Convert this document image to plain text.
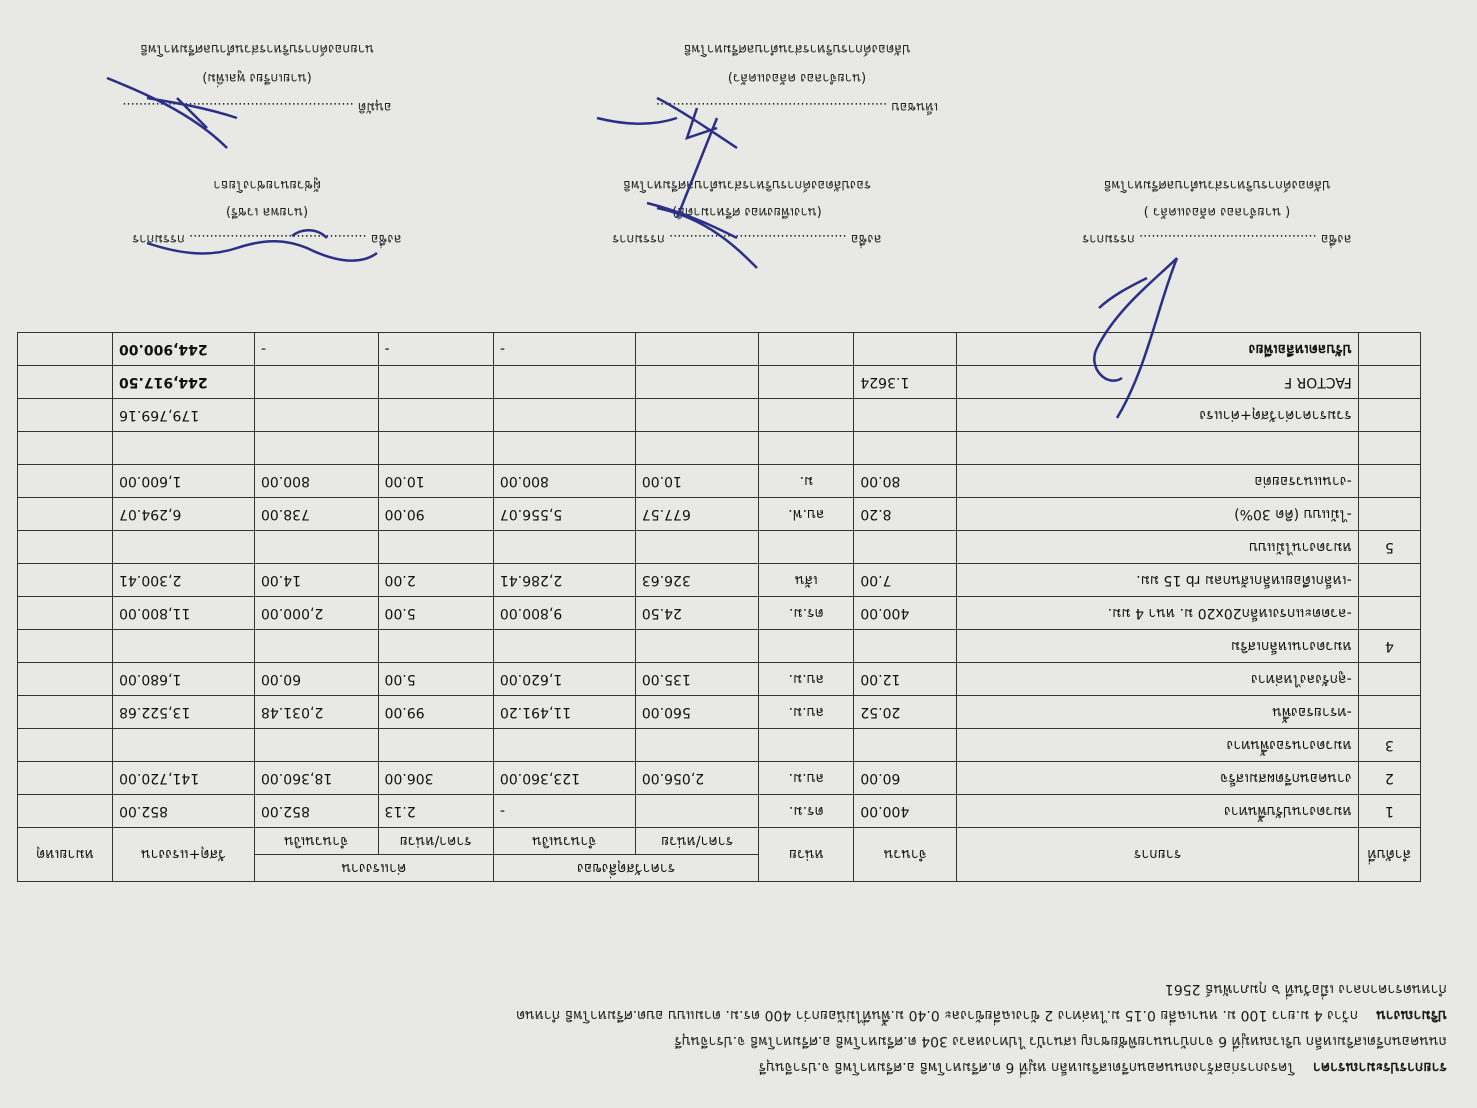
รายการประมาณราคาโครงการก่อสร้างถนนคอนกรีตเสริมเหล็ก หมู่ที่ 6 ต.ศรีมหาโพธิ อ.ศรีมหาโพธิ จ.ปราจีนบุรี
ถนนคอนกรีตเสริมเหล็ก บริเวณหมู่ที่ 6 จากบ้านนายพิชัยชาญ เสนาบัว ไปทางหลวง 304 ต.ศรีมหาโพธิ อ.ศรีมหาโพธิ จ.ปราจีนบุรี
ปริมาณงานกว้าง 4 ม.ยาว 100 ม. หนาเฉลี่ย 0.15 ม.ไหล่ทาง 2 ข้างเฉลี่ยข้างละ 0.40 ม.พื้นที่ไม่น้อยกว่า 400 ตร.ม. ตามแบบ อบต.ศรีมหาโพธิ กำหนด
กำหนดราคากลาง เมื่อวันที่ ๖ กุมภาพันธ์ 2561
ลำดับที่	รายการ	จำนวน	หน่วย	ราคาวัสดุสิ่งของ		ค่าแรงงาน		วัสดุ+แรงงาน	หมายเหตุ
				ราคา/หน่วย	จำนวนเงิน	ราคา/หน่วย	จำนวนเงิน		
1	หมวดงานปรับพื้นทาง	400.00	ตร.ม.		-	2.13	852.00	852.00	
2	งานคอนกรีตผสมเสร็จ	60.00	ลบ.ม.	2,056.00	123,360.00	306.00	18,360.00	141,720.00	
3	หมวดงานรองพื้นทาง								
	-ทรายรองพื้น	20.52	ลบ.ม.	560.00	11,491.20	99.00	2,031.48	13,522.68	
	-ลูกรังลงไหล่ทาง	12.00	ลบ.ม.	135.00	1,620.00	5.00	60.00	1,680.00	
4	หมวดงานเหล็กเสริม								
	-ลวดตะแกรงเหล็ก20x20 ม. หนา 4 มม.	400.00	ตร.ม.	24.50	9,800.00	5.00	2,000.00	11,800.00	
	-เหล็กเดือยเหล็กเส้นกลม rb 15 มม.	7.00	เส้น	326.63	2,286.41	2.00	14.00	2,300.41	
5	หมวดงานไม้แบบ								
	-ไม้แบบ (คิด 30%)	8.20	ลบ.ฟ.	677.57	5,556.07	90.00	738.00	6,294.07	
	-งานแนวรอยต่อ	80.00	ม.	10.00	800.00	10.00	800.00	1,600.00	

	รวมราคาค่าวัสดุ+ค่าแรง							179,769.16	
	FACTOR F	1.3624						244,917.50	
	ปรับลดเหลือเพียง				-	-	-	244,900.00	
ลงชื่อ ........................................... กรรมการ
( นายจำลอง คล้องแคล้ว )
ปลัดองค์การบริหารส่วนตำบลศรีมหาโพธิ
ลงชื่อ ........................................... กรรมการ
(นางเพียงทอง ศรีหามาตย์)
รองปลัดองค์การบริหารส่วนตำบลศรีมหาโพธิ
ลงชื่อ ........................................... กรรมการ
(นายพล เวชรี)
ผู้ช่วยนายช่างโยธา
เห็นชอบ ........................................................
(นายจำลอง คล้องแคล้ว)
ปลัดองค์การบริหารส่วนตำบลศรีมหาโพธิ
อนุมัติ ........................................................
(นายเกรียง พูลเพิ่ม)
นายกองค์การบริหารส่วนตำบลศรีมหาโพธิ
